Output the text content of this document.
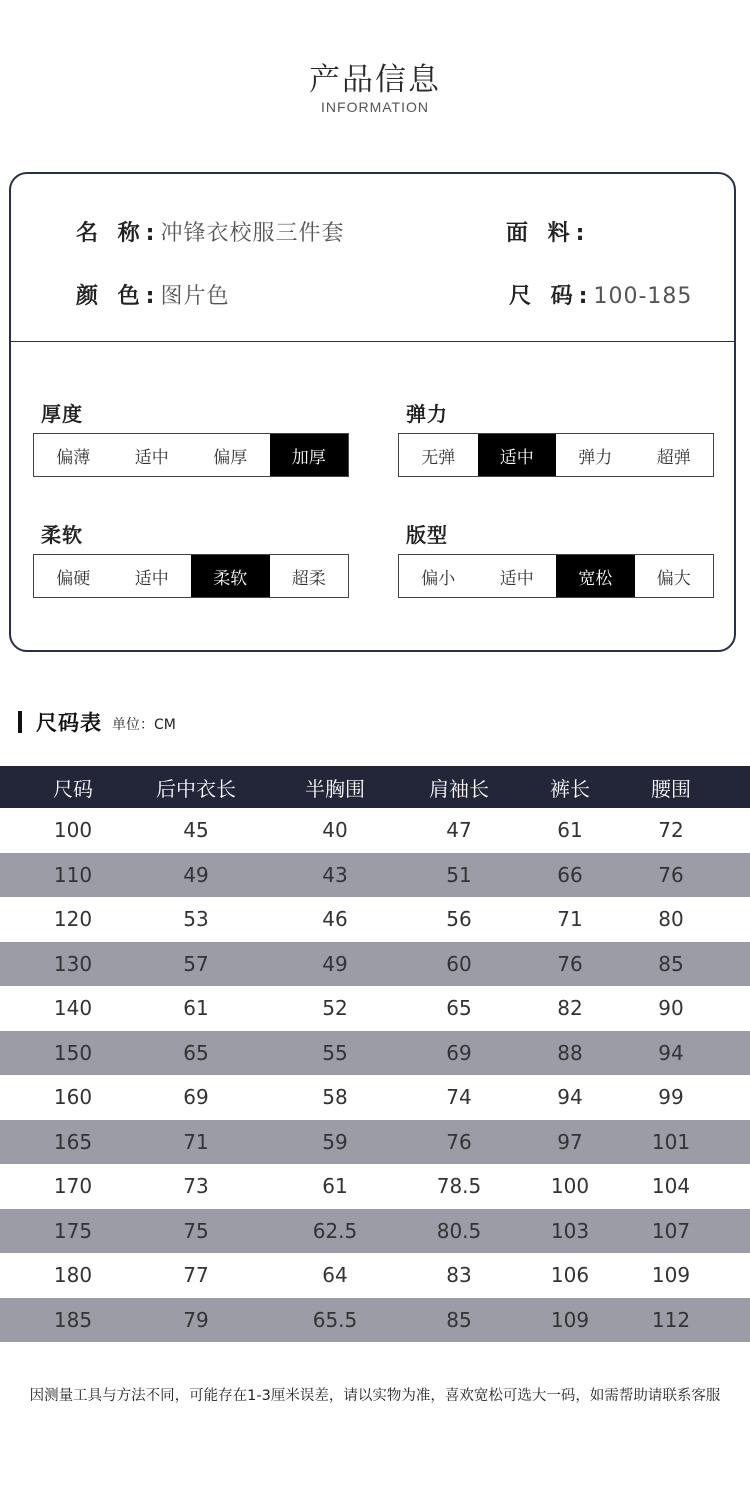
产品信息
INFORMATION
名 称:冲锋衣校服三件套	面 料:
颜 色:图片色	尺 码:100-185
厚度
偏薄	适中	偏厚	加厚
弹力
无弹	适中	弹力	超弹
柔软
偏硬	适中	柔软	超柔
版型
偏小	适中	宽松	偏大
尺码表 单位：CM
尺码	后中衣长	半胸围	肩袖长	裤长	腰围
100	45	40	47	61	72
110	49	43	51	66	76
120	53	46	56	71	80
130	57	49	60	76	85
140	61	52	65	82	90
150	65	55	69	88	94
160	69	58	74	94	99
165	71	59	76	97	101
170	73	61	78.5	100	104
175	75	62.5	80.5	103	107
180	77	64	83	106	109
185	79	65.5	85	109	112
因测量工具与方法不同，可能存在1-3厘米误差，请以实物为准，喜欢宽松可选大一码，如需帮助请联系客服
